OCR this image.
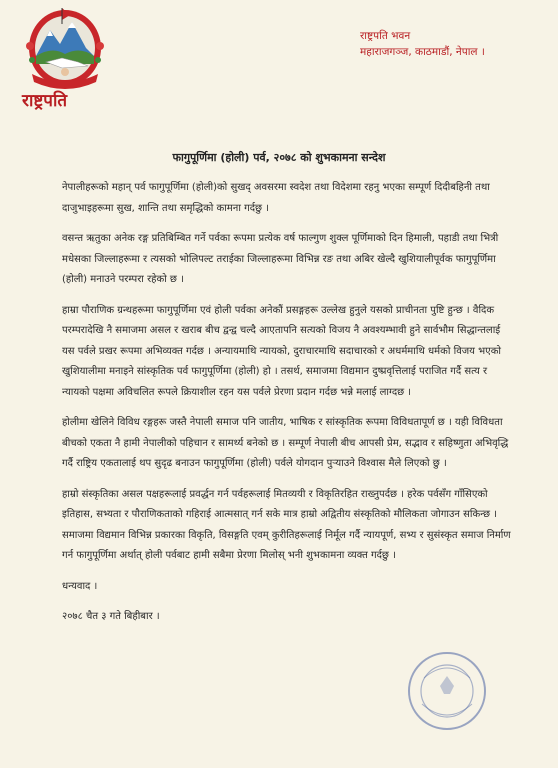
राष्ट्रपति
राष्ट्रपति भवन
महाराजगञ्ज, काठमाडौं, नेपाल ।
फागुपूर्णिमा (होली) पर्व, २०७८ को शुभकामना सन्देश

नेपालीहरूको महान् पर्व फागुपूर्णिमा (होली)को सुखद् अवसरमा स्वदेश तथा विदेशमा रहनु भएका सम्पूर्ण दिदीबहिनी तथा दाजुभाइहरूमा सुख, शान्ति तथा समृद्धिको कामना गर्दछु ।

वसन्त ऋतुका अनेक रङ्ग प्रतिबिम्बित गर्ने पर्वका रूपमा प्रत्येक वर्ष फाल्गुण शुक्ल पूर्णिमाको दिन हिमाली, पहाडी तथा भित्री मधेसका जिल्लाहरूमा र त्यसको भोलिपल्ट तराईका जिल्लाहरूमा विभिन्न रङ तथा अबिर खेल्दै खुशियालीपूर्वक फागुपूर्णिमा (होली) मनाउने परम्परा रहेको छ ।

हाम्रा पौराणिक ग्रन्थहरूमा फागुपूर्णिमा एवं होली पर्वका अनेकौं प्रसङ्गहरू उल्लेख हुनुले यसको प्राचीनता पुष्टि हुन्छ । वैदिक परम्परादेखि नै समाजमा असल र खराब बीच द्वन्द्व चल्दै आएतापनि सत्यको विजय नै अवश्यम्भावी हुने सार्वभौम सिद्धान्तलाई यस पर्वले प्रखर रूपमा अभिव्यक्त गर्दछ । अन्यायमाथि न्यायको, दुराचारमाथि सदाचारको र अधर्ममाथि धर्मको विजय भएको खुशियालीमा मनाइने सांस्कृतिक पर्व फागुपूर्णिमा (होली) हो । तसर्थ, समाजमा विद्यमान दुष्प्रवृत्तिलाई पराजित गर्दै सत्य र न्यायको पक्षमा अविचलित रूपले क्रियाशील रहन यस पर्वले प्रेरणा प्रदान गर्दछ भन्ने मलाई लाग्दछ ।

होलीमा खेलिने विविध रङ्गहरू जस्तै नेपाली समाज पनि जातीय, भाषिक र सांस्कृतिक रूपमा विविधतापूर्ण छ । यही विविधता बीचको एकता नै हामी नेपालीको पहिचान र सामर्थ्य बनेको छ । सम्पूर्ण नेपाली बीच आपसी प्रेम, सद्भाव र सहिष्णुता अभिवृद्धि गर्दै राष्ट्रिय एकतालाई थप सुदृढ बनाउन फागुपूर्णिमा (होली) पर्वले योगदान पुऱ्याउने विश्वास मैले लिएको छु ।

हाम्रो संस्कृतिका असल पक्षहरूलाई प्रवर्द्धन गर्न पर्वहरूलाई मितव्ययी र विकृतिरहित राख्नुपर्दछ । हरेक पर्वसँग गाँसिएको इतिहास, सभ्यता र पौराणिकताको गहिराई आत्मसात् गर्न सके मात्र हाम्रो अद्वितीय संस्कृतिको मौलिकता जोगाउन सकिन्छ । समाजमा विद्यमान विभिन्न प्रकारका विकृति, विसङ्गति एवम् कुरीतिहरूलाई निर्मूल गर्दै न्यायपूर्ण, सभ्य र सुसंस्कृत समाज निर्माण गर्न फागुपूर्णिमा अर्थात् होली पर्वबाट हामी सबैमा प्रेरणा मिलोस् भनी शुभकामना व्यक्त गर्दछु ।

धन्यवाद ।
२०७८ चैत ३ गते बिहीबार ।
